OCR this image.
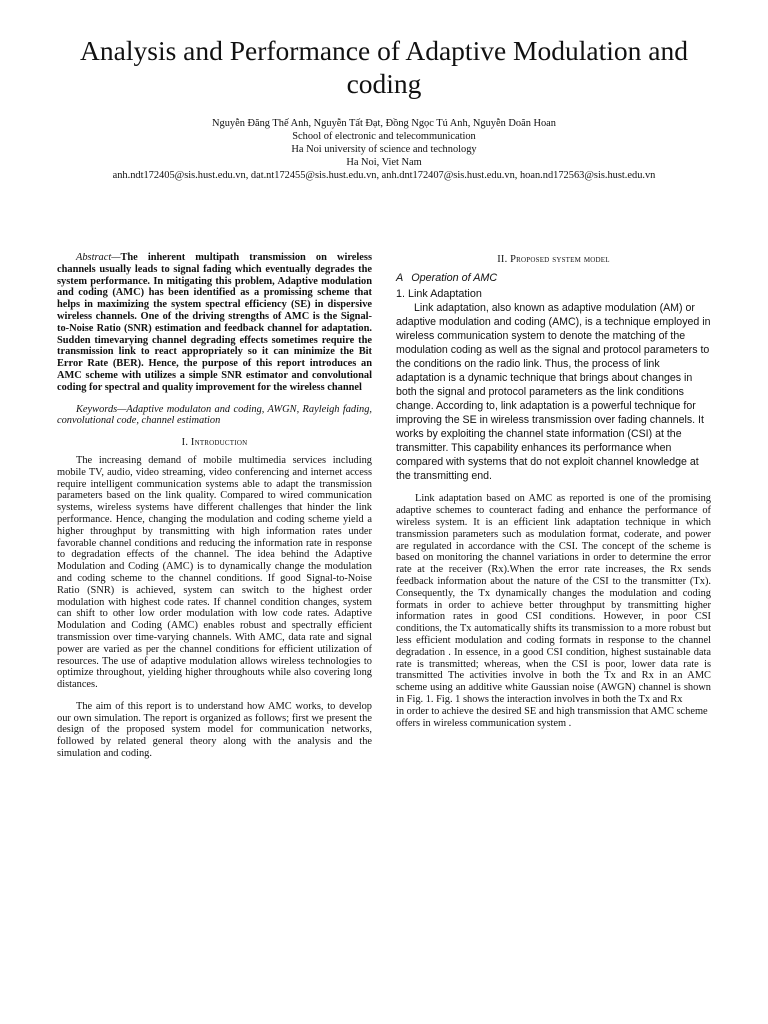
Analysis and Performance of Adaptive Modulation and coding
Nguyễn Đăng Thế Anh, Nguyễn Tất Đạt, Đồng Ngọc Tú Anh, Nguyễn Doãn Hoan
School of electronic and telecommunication
Ha Noi university of science and technology
Ha Noi, Viet Nam
anh.ndt172405@sis.hust.edu.vn, dat.nt172455@sis.hust.edu.vn, anh.dnt172407@sis.hust.edu.vn, hoan.nd172563@sis.hust.edu.vn

Abstract—The inherent multipath transmission on wireless channels usually leads to signal fading which eventually degrades the system performance. In mitigating this problem, Adaptive modulation and coding (AMC) has been identified as a promissing scheme that helps in maximizing the system spectral efficiency (SE) in dispersive wireless channels. One of the driving strengths of AMC is the Signal-to-Noise Ratio (SNR) estimation and feedback channel for adaptation. Sudden timevarying channel degrading effects sometimes require the transmission link to react appropriately so it can minimize the Bit Error Rate (BER). Hence, the purpose of this report introduces an AMC scheme with utilizes a simple SNR estimator and convolutional coding for spectral and quality improvement for the wireless channel

Keywords—Adaptive modulaton and coding, AWGN, Rayleigh fading, convolutional code, channel estimation

I. Introduction

The increasing demand of mobile multimedia services including mobile TV, audio, video streaming, video conferencing and internet access require intelligent communication systems able to adapt the transmission parameters based on the link quality. Compared to wired communication systems, wireless systems have different challenges that hinder the link performance. Hence, changing the modulation and coding scheme yield a higher throughput by transmitting with high information rates under favorable channel conditions and reducing the information rate in response to degradation effects of the channel. The idea behind the Adaptive Modulation and Coding (AMC) is to dynamically change the modulation and coding scheme to the channel conditions. If good Signal-to-Noise Ratio (SNR) is achieved, system can switch to the highest order modulation with highest code rates. If channel condition changes, system can shift to other low order modulation with low code rates. Adaptive Modulation and Coding (AMC) enables robust and spectrally efficient transmission over time-varying channels. With AMC, data rate and signal power are varied as per the channel conditions for efficient utilization of resources. The use of adaptive modulation allows wireless technologies to optimize throughout, yielding higher throughouts while also covering long distances.

The aim of this report is to understand how AMC works, to develop our own simulation. The report is organized as follows; first we present the design of the proposed system model for communication networks, followed by related general theory along with the analysis and the simulation and coding.

II. Proposed system model
A Operation of AMC
1. Link Adaptation

Link adaptation, also known as adaptive modulation (AM) or adaptive modulation and coding (AMC), is a technique employed in wireless communication system to denote the matching of the modulation coding as well as the signal and protocol parameters to the conditions on the radio link. Thus, the process of link adaptation is a dynamic technique that brings about changes in both the signal and protocol parameters as the link conditions change. According to, link adaptation is a powerful technique for improving the SE in wireless transmission over fading channels. It works by exploiting the channel state information (CSI) at the transmitter. This capability enhances its performance when compared with systems that do not exploit channel knowledge at the transmitting end.

Link adaptation based on AMC as reported is one of the promising adaptive schemes to counteract fading and enhance the performance of wireless system. It is an efficient link adaptation technique in which transmission parameters such as modulation format, coderate, and power are regulated in accordance with the CSI. The concept of the scheme is based on monitoring the channel variations in order to determine the error rate at the receiver (Rx).When the error rate increases, the Rx sends feedback information about the nature of the CSI to the transmitter (Tx). Consequently, the Tx dynamically changes the modulation and coding formats in order to achieve better throughput by transmitting higher information rates in good CSI conditions. However, in poor CSI conditions, the Tx automatically shifts its transmission to a more robust but less efficient modulation and coding formats in response to the channel degradation . In essence, in a good CSI condition, highest sustainable data rate is transmitted; whereas, when the CSI is poor, lower data rate is transmitted The activities involve in both the Tx and Rx in an AMC scheme using an additive white Gaussian noise (AWGN) channel is shown in Fig. 1. Fig. 1 shows the interaction involves in both the Tx and Rx

in order to achieve the desired SE and high transmission that AMC scheme offers in wireless communication system .
